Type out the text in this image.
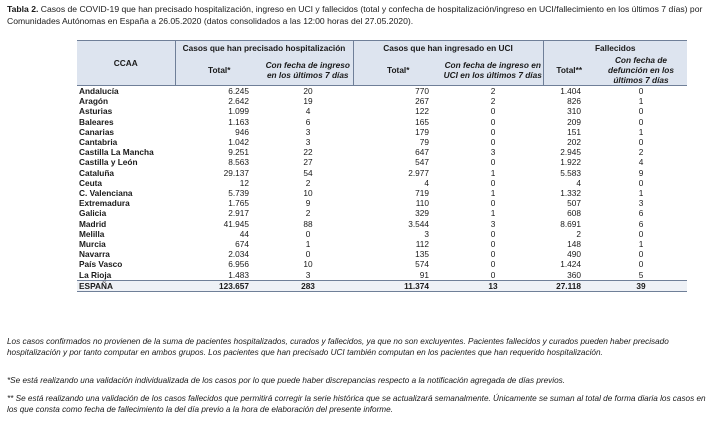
Tabla 2. Casos de COVID-19 que han precisado hospitalización, ingreso en UCI y fallecidos (total y confecha de hospitalización/ingreso en UCI/fallecimiento en los últimos 7 días) por Comunidades Autónomas en España a 26.05.2020 (datos consolidados a las 12:00 horas del 27.05.2020).
CCAA	Casos que han precisado hospitalización		Casos que han ingresado en UCI		Fallecidos	
	Total*	Con fecha de ingreso en los últimos 7 días	Total*	Con fecha de ingreso en UCI en los últimos 7 días	Total**	Con fecha de defunción en los últimos 7 días
Andalucía	6.245	20	770	2	1.404	0
Aragón	2.642	19	267	2	826	1
Asturias	1.099	4	122	0	310	0
Baleares	1.163	6	165	0	209	0
Canarias	946	3	179	0	151	1
Cantabria	1.042	3	79	0	202	0
Castilla La Mancha	9.251	22	647	3	2.945	2
Castilla y León	8.563	27	547	0	1.922	4
Cataluña	29.137	54	2.977	1	5.583	9
Ceuta	12	2	4	0	4	0
C. Valenciana	5.739	10	719	1	1.332	1
Extremadura	1.765	9	110	0	507	3
Galicia	2.917	2	329	1	608	6
Madrid	41.945	88	3.544	3	8.691	6
Melilla	44	0	3	0	2	0
Murcia	674	1	112	0	148	1
Navarra	2.034	0	135	0	490	0
País Vasco	6.956	10	574	0	1.424	0
La Rioja	1.483	3	91	0	360	5
ESPAÑA	123.657	283	11.374	13	27.118	39
Los casos confirmados no provienen de la suma de pacientes hospitalizados, curados y fallecidos, ya que no son excluyentes. Pacientes fallecidos y curados pueden haber precisado hospitalización y por tanto computar en ambos grupos. Los pacientes que han precisado UCI también computan en los pacientes que han requerido hospitalización.
*Se está realizando una validación individualizada de los casos por lo que puede haber discrepancias respecto a la notificación agregada de días previos.
** Se está realizando una validación de los casos fallecidos que permitirá corregir la serie histórica que se actualizará semanalmente. Únicamente se suman al total de forma diaria los casos en los que consta como fecha de fallecimiento la del día previo a la hora de elaboración del presente informe.
